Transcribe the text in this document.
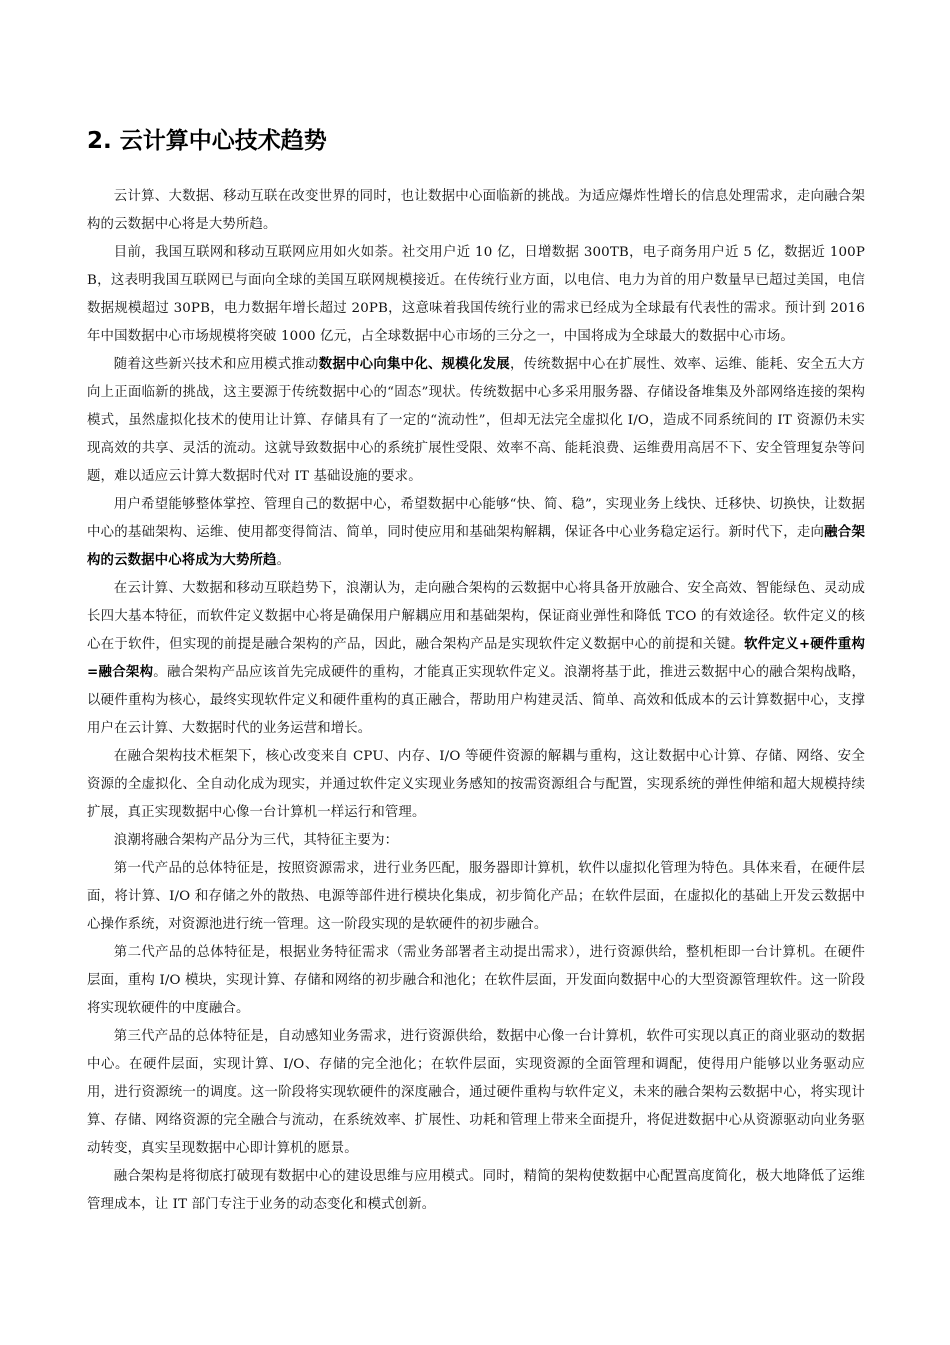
2. 云计算中心技术趋势

云计算、大数据、移动互联在改变世界的同时，也让数据中心面临新的挑战。为适应爆炸性增长的信息处理需求，走向融合架构的云数据中心将是大势所趋。

目前，我国互联网和移动互联网应用如火如荼。社交用户近 10 亿，日增数据 300TB，电子商务用户近 5 亿，数据近 100PB，这表明我国互联网已与面向全球的美国互联网规模接近。在传统行业方面，以电信、电力为首的用户数量早已超过美国，电信数据规模超过 30PB，电力数据年增长超过 20PB，这意味着我国传统行业的需求已经成为全球最有代表性的需求。预计到 2016 年中国数据中心市场规模将突破 1000 亿元，占全球数据中心市场的三分之一，中国将成为全球最大的数据中心市场。

随着这些新兴技术和应用模式推动数据中心向集中化、规模化发展，传统数据中心在扩展性、效率、运维、能耗、安全五大方向上正面临新的挑战，这主要源于传统数据中心的“固态”现状。传统数据中心多采用服务器、存储设备堆集及外部网络连接的架构模式，虽然虚拟化技术的使用让计算、存储具有了一定的“流动性”，但却无法完全虚拟化 I/O，造成不同系统间的 IT 资源仍未实现高效的共享、灵活的流动。这就导致数据中心的系统扩展性受限、效率不高、能耗浪费、运维费用高居不下、安全管理复杂等问题，难以适应云计算大数据时代对 IT 基础设施的要求。

用户希望能够整体掌控、管理自己的数据中心，希望数据中心能够“快、简、稳”，实现业务上线快、迁移快、切换快，让数据中心的基础架构、运维、使用都变得简洁、简单，同时使应用和基础架构解耦，保证各中心业务稳定运行。新时代下，走向融合架构的云数据中心将成为大势所趋。

在云计算、大数据和移动互联趋势下，浪潮认为，走向融合架构的云数据中心将具备开放融合、安全高效、智能绿色、灵动成长四大基本特征，而软件定义数据中心将是确保用户解耦应用和基础架构，保证商业弹性和降低 TCO 的有效途径。软件定义的核心在于软件，但实现的前提是融合架构的产品，因此，融合架构产品是实现软件定义数据中心的前提和关键。软件定义+硬件重构=融合架构。融合架构产品应该首先完成硬件的重构，才能真正实现软件定义。浪潮将基于此，推进云数据中心的融合架构战略，以硬件重构为核心，最终实现软件定义和硬件重构的真正融合，帮助用户构建灵活、简单、高效和低成本的云计算数据中心，支撑用户在云计算、大数据时代的业务运营和增长。

在融合架构技术框架下，核心改变来自 CPU、内存、I/O 等硬件资源的解耦与重构，这让数据中心计算、存储、网络、安全资源的全虚拟化、全自动化成为现实，并通过软件定义实现业务感知的按需资源组合与配置，实现系统的弹性伸缩和超大规模持续扩展，真正实现数据中心像一台计算机一样运行和管理。

浪潮将融合架构产品分为三代，其特征主要为：

第一代产品的总体特征是，按照资源需求，进行业务匹配，服务器即计算机，软件以虚拟化管理为特色。具体来看，在硬件层面，将计算、I/O 和存储之外的散热、电源等部件进行模块化集成，初步简化产品；在软件层面，在虚拟化的基础上开发云数据中心操作系统，对资源池进行统一管理。这一阶段实现的是软硬件的初步融合。

第二代产品的总体特征是，根据业务特征需求（需业务部署者主动提出需求），进行资源供给，整机柜即一台计算机。在硬件层面，重构 I/O 模块，实现计算、存储和网络的初步融合和池化；在软件层面，开发面向数据中心的大型资源管理软件。这一阶段将实现软硬件的中度融合。

第三代产品的总体特征是，自动感知业务需求，进行资源供给，数据中心像一台计算机，软件可实现以真正的商业驱动的数据中心。在硬件层面，实现计算、I/O、存储的完全池化；在软件层面，实现资源的全面管理和调配，使得用户能够以业务驱动应用，进行资源统一的调度。这一阶段将实现软硬件的深度融合，通过硬件重构与软件定义，未来的融合架构云数据中心，将实现计算、存储、网络资源的完全融合与流动，在系统效率、扩展性、功耗和管理上带来全面提升，将促进数据中心从资源驱动向业务驱动转变，真实呈现数据中心即计算机的愿景。

融合架构是将彻底打破现有数据中心的建设思维与应用模式。同时，精简的架构使数据中心配置高度简化，极大地降低了运维管理成本，让 IT 部门专注于业务的动态变化和模式创新。
